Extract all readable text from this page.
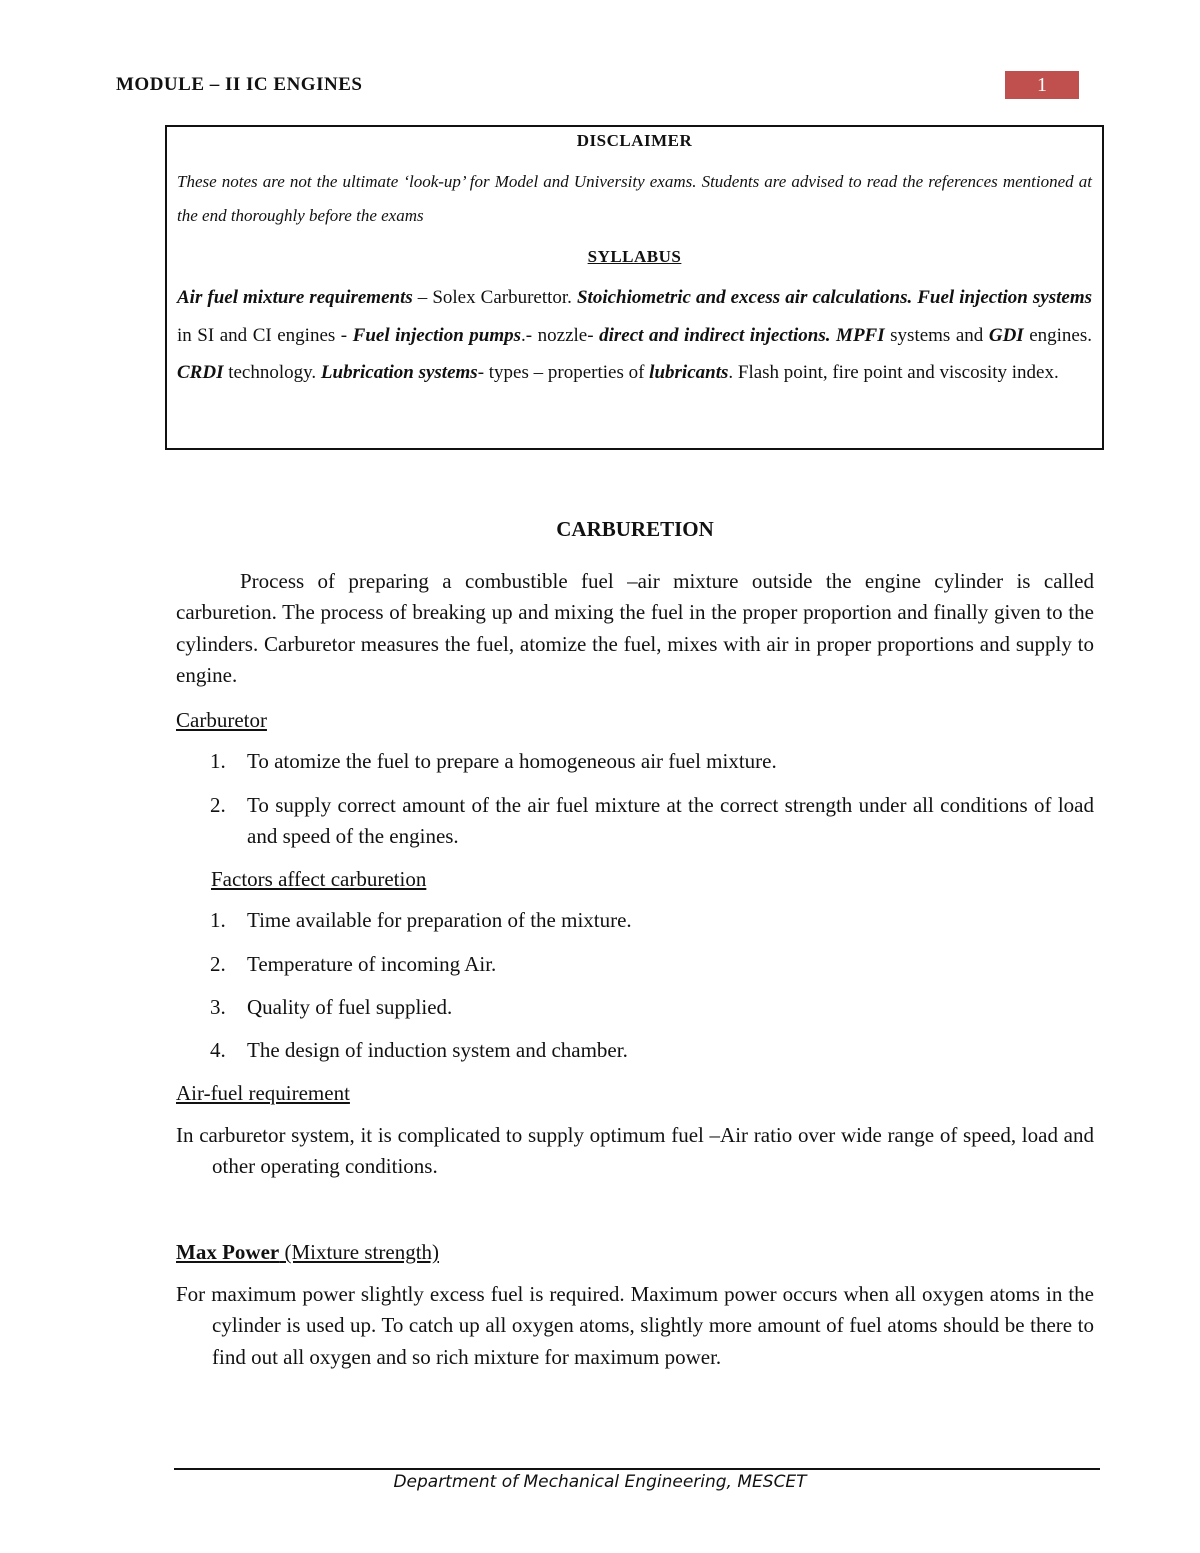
MODULE – II IC ENGINES	1
DISCLAIMER
These notes are not the ultimate ‘look-up’ for Model and University exams. Students are advised to read the references mentioned at the end thoroughly before the exams
SYLLABUS
Air fuel mixture requirements – Solex Carburettor. Stoichiometric and excess air calculations. Fuel injection systems in SI and CI engines - Fuel injection pumps.- nozzle- direct and indirect injections. MPFI systems and GDI engines. CRDI technology. Lubrication systems- types – properties of lubricants. Flash point, fire point and viscosity index.
CARBURETION
Process of preparing a combustible fuel –air mixture outside the engine cylinder is called carburetion. The process of breaking up and mixing the fuel in the proper proportion and finally given to the cylinders. Carburetor measures the fuel, atomize the fuel, mixes with air in proper proportions and supply to engine.
Carburetor
1. To atomize the fuel to prepare a homogeneous air fuel mixture.
2. To supply correct amount of the air fuel mixture at the correct strength under all conditions of load and speed of the engines.
Factors affect carburetion
1. Time available for preparation of the mixture.
2. Temperature of incoming Air.
3. Quality of fuel supplied.
4. The design of induction system and chamber.
Air-fuel requirement
In carburetor system, it is complicated to supply optimum fuel –Air ratio over wide range of speed, load and other operating conditions.
Max Power (Mixture strength)
For maximum power slightly excess fuel is required. Maximum power occurs when all oxygen atoms in the cylinder is used up. To catch up all oxygen atoms, slightly more amount of fuel atoms should be there to find out all oxygen and so rich mixture for maximum power.
Department of Mechanical Engineering, MESCET
